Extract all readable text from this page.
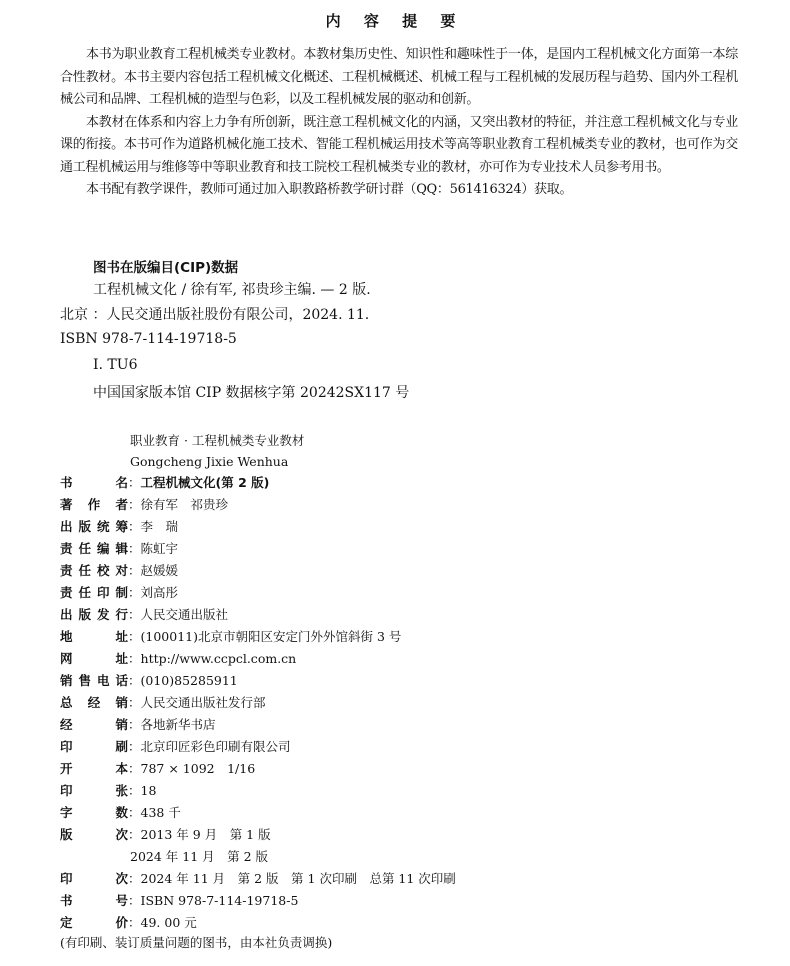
内 容 提 要

本书为职业教育工程机械类专业教材。本教材集历史性、知识性和趣味性于一体，是国内工程机械文化方面第一本综合性教材。本书主要内容包括工程机械文化概述、工程机械概述、机械工程与工程机械的发展历程与趋势、国内外工程机械公司和品牌、工程机械的造型与色彩，以及工程机械发展的驱动和创新。

本教材在体系和内容上力争有所创新，既注意工程机械文化的内涵，又突出教材的特征，并注意工程机械文化与专业课的衔接。本书可作为道路机械化施工技术、智能工程机械运用技术等高等职业教育工程机械类专业的教材，也可作为交通工程机械运用与维修等中等职业教育和技工院校工程机械类专业的教材，亦可作为专业技术人员参考用书。

本书配有教学课件，教师可通过加入职教路桥教学研讨群（QQ：561416324）获取。

图书在版编目(CIP)数据
工程机械文化 / 徐有军, 祁贵珍主编. — 2 版.
北京 ：人民交通出版社股份有限公司，2024. 11.
ISBN 978-7-114-19718-5
Ⅰ. TU6
中国国家版本馆 CIP 数据核字第 20242SX117 号
职业教育 · 工程机械类专业教材
Gongcheng Jixie Wenhua
书名：工程机械文化(第 2 版)
著作者：徐有军　祁贵珍
出版统筹：李　瑞
责任编辑：陈虹宇
责任校对：赵媛媛
责任印制：刘高彤
出版发行：人民交通出版社
地址：(100011)北京市朝阳区安定门外外馆斜街 3 号
网址：http://www.ccpcl.com.cn
销售电话：(010)85285911
总经销：人民交通出版社发行部
经销：各地新华书店
印刷：北京印匠彩色印刷有限公司
开本：787 × 1092　1/16
印张：18
字数：438 千
版次：2013 年 9 月　第 1 版
2024 年 11 月　第 2 版
印次：2024 年 11 月　第 2 版　第 1 次印刷　总第 11 次印刷
书号：ISBN 978-7-114-19718-5
定价：49. 00 元
(有印刷、装订质量问题的图书，由本社负责调换)
